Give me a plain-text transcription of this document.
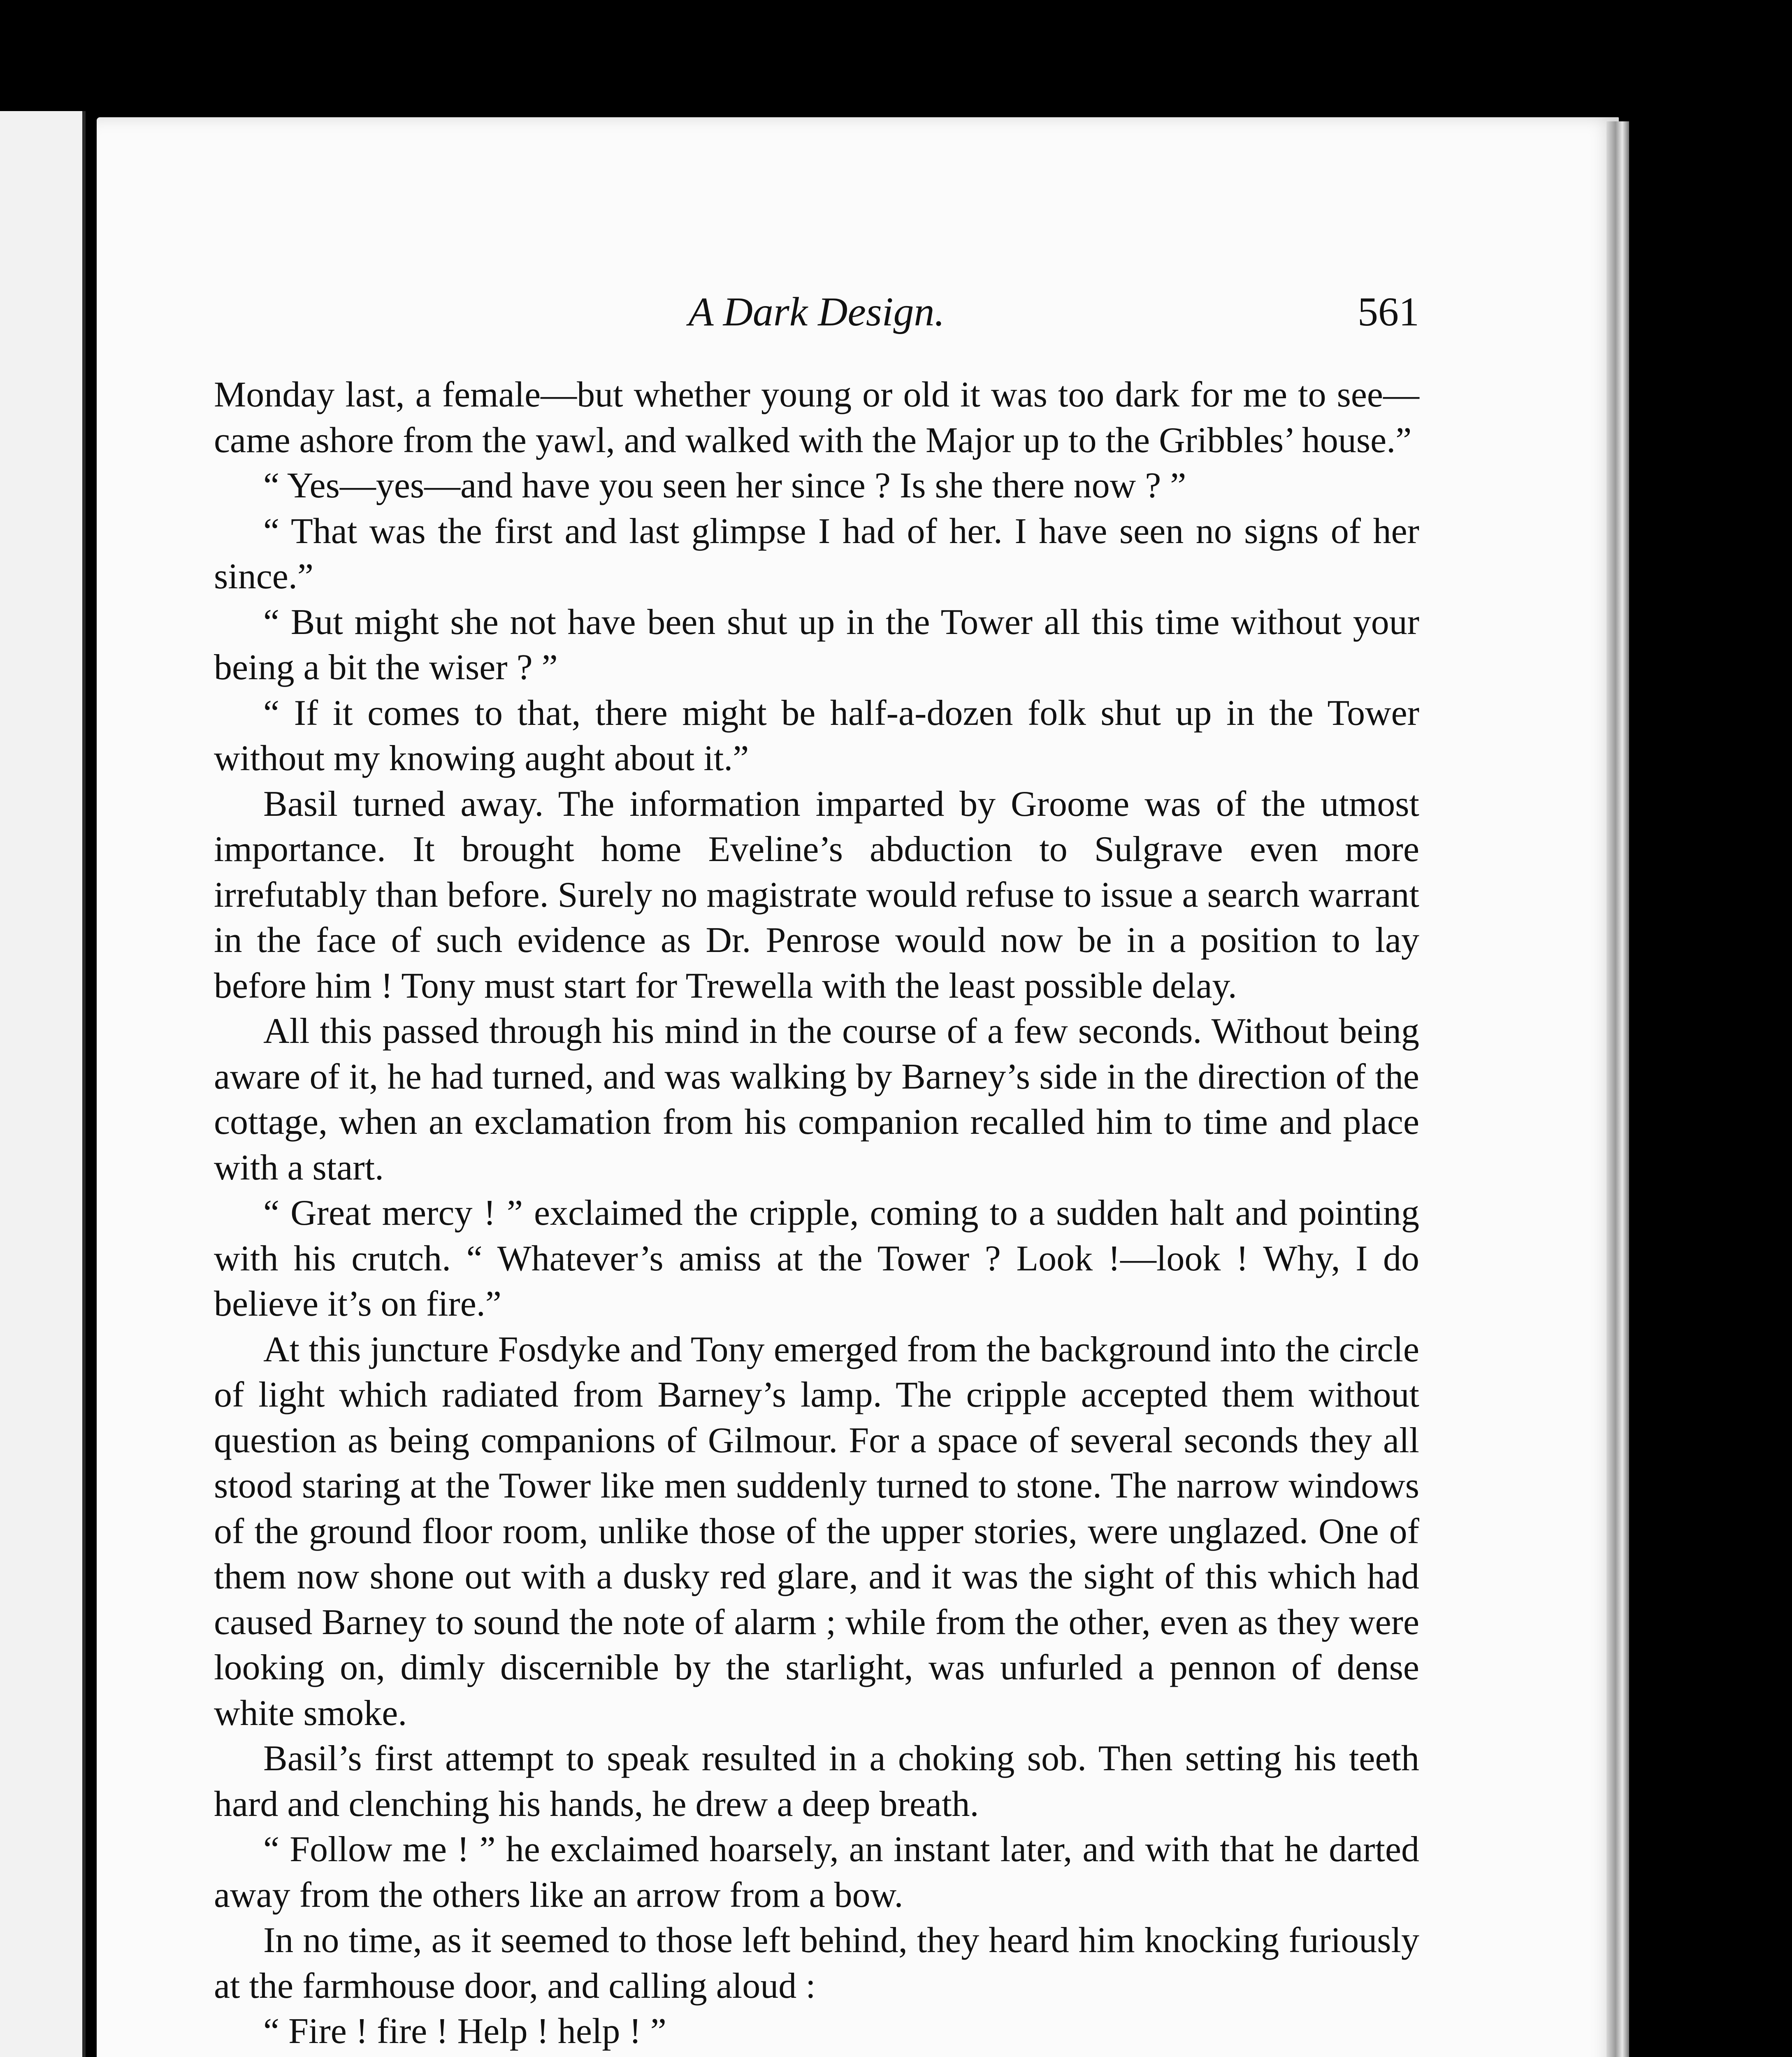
A Dark Design.	561

Monday last, a female—but whether young or old it was too dark for me to see—came ashore from the yawl, and walked with the Major up to the Gribbles’ house.”

“ Yes—yes—and have you seen her since ? Is she there now ? ”

“ That was the first and last glimpse I had of her. I have seen no signs of her since.”

“ But might she not have been shut up in the Tower all this time without your being a bit the wiser ? ”

“ If it comes to that, there might be half-a-dozen folk shut up in the Tower without my knowing aught about it.”

Basil turned away. The information imparted by Groome was of the utmost importance. It brought home Eveline’s abduction to Sulgrave even more irrefutably than before. Surely no magistrate would refuse to issue a search warrant in the face of such evidence as Dr. Penrose would now be in a position to lay before him ! Tony must start for Trewella with the least possible delay.

All this passed through his mind in the course of a few seconds. Without being aware of it, he had turned, and was walking by Barney’s side in the direction of the cottage, when an exclamation from his companion recalled him to time and place with a start.

“ Great mercy ! ” exclaimed the cripple, coming to a sudden halt and pointing with his crutch. “ Whatever’s amiss at the Tower ? Look !—look ! Why, I do believe it’s on fire.”

At this juncture Fosdyke and Tony emerged from the background into the circle of light which radiated from Barney’s lamp. The cripple accepted them without question as being companions of Gilmour. For a space of several seconds they all stood staring at the Tower like men suddenly turned to stone. The narrow windows of the ground floor room, unlike those of the upper stories, were unglazed. One of them now shone out with a dusky red glare, and it was the sight of this which had caused Barney to sound the note of alarm ; while from the other, even as they were looking on, dimly discernible by the starlight, was unfurled a pennon of dense white smoke.

Basil’s first attempt to speak resulted in a choking sob. Then setting his teeth hard and clenching his hands, he drew a deep breath.

“ Follow me ! ” he exclaimed hoarsely, an instant later, and with that he darted away from the others like an arrow from a bow.

In no time, as it seemed to those left behind, they heard him knocking furiously at the farmhouse door, and calling aloud :

“ Fire ! fire ! Help ! help ! ”
